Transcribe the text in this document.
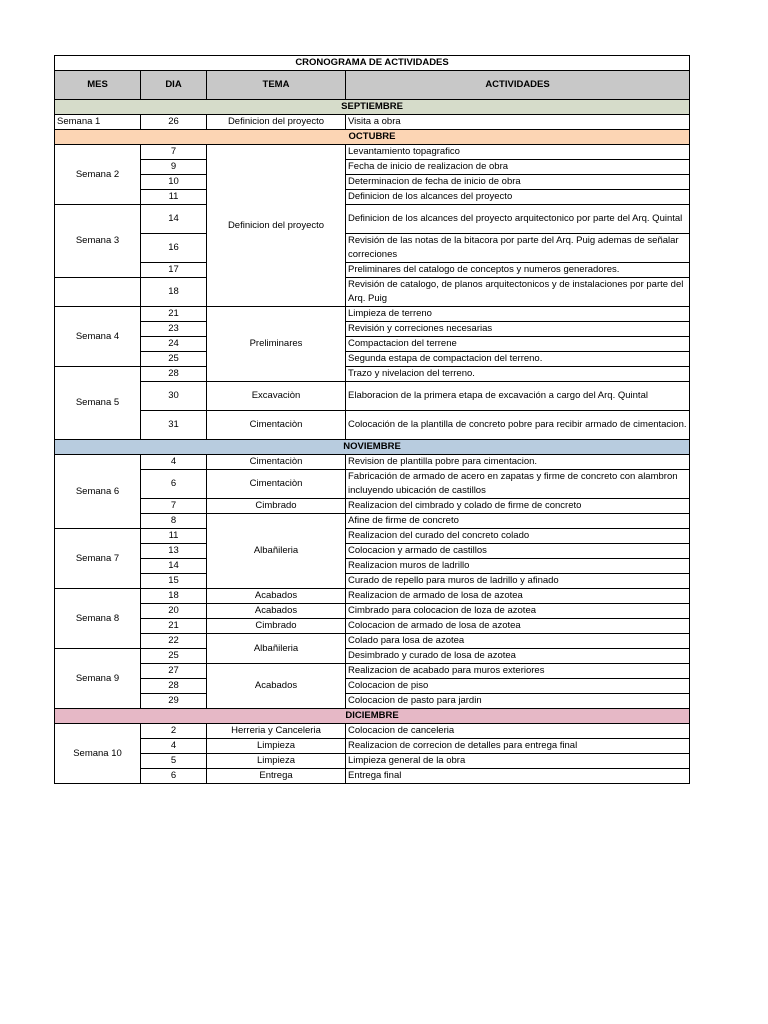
CRONOGRAMA DE ACTIVIDADES			
MES	DIA	TEMA	ACTIVIDADES
SEPTIEMBRE			
Semana 1	26	Definicion del proyecto	Visita a obra
OCTUBRE			
Semana 2	7	Definicion del proyecto	Levantamiento topagrafico
	9		Fecha de inicio de realizacion de obra
	10		Determinacion de fecha de inicio de obra
	11		Definicion de los alcances del proyecto
Semana 3	14		Definicion de los alcances del proyecto arquitectonico por parte del Arq. Quintal
	16		Revisión de las notas de la bitacora por parte del Arq. Puig ademas de señalar correciones
	17		Preliminares del catalogo de conceptos y numeros generadores.
	18		Revisión de catalogo, de planos arquitectonicos y de instalaciones por parte del Arq. Puig
Semana 4	21	Preliminares	Limpieza de terreno
	23		Revisión y correciones necesarias
	24		Compactacion del terrene
	25		Segunda estapa de compactacion del terreno.
Semana 5	28		Trazo y nivelacion del terreno.
	30	Excavaciòn	Elaboracion de la primera etapa de excavación a cargo del Arq. Quintal
	31	Cimentaciòn	Colocación de la plantilla de concreto pobre para recibir armado de cimentacion.
NOVIEMBRE			
Semana 6	4	Cimentaciòn	Revision de plantilla pobre para cimentacion.
	6	Cimentaciòn	Fabricación de armado de acero en zapatas y firme de concreto con alambron incluyendo ubicación de castillos
	7	Cimbrado	Realizacion del cimbrado y colado de firme de concreto
	8	Albañileria	Afine de firme de concreto
Semana 7	11		Realizacion del curado del concreto colado
	13		Colocacion y armado de castillos
	14		Realizacion muros de ladrillo
	15		Curado de repello para muros de ladrillo y afinado
Semana 8	18	Acabados	Realizacion de armado de losa de azotea
	20	Acabados	Cimbrado para colocacion de loza de azotea
	21	Cimbrado	Colocacion de armado de losa de azotea
	22	Albañileria	Colado para losa de azotea
Semana 9	25		Desimbrado y curado de losa de azotea
	27	Acabados	Realizacion de acabado para muros exteriores
	28		Colocacion de piso
	29		Colocacion de pasto para jardin
DICIEMBRE			
Semana 10	2	Herreria y Canceleria	Colocacion de canceleria
	4	Limpieza	Realizacion de correcion de detalles para entrega final
	5	Limpieza	Limpieza general de la obra
	6	Entrega	Entrega final
